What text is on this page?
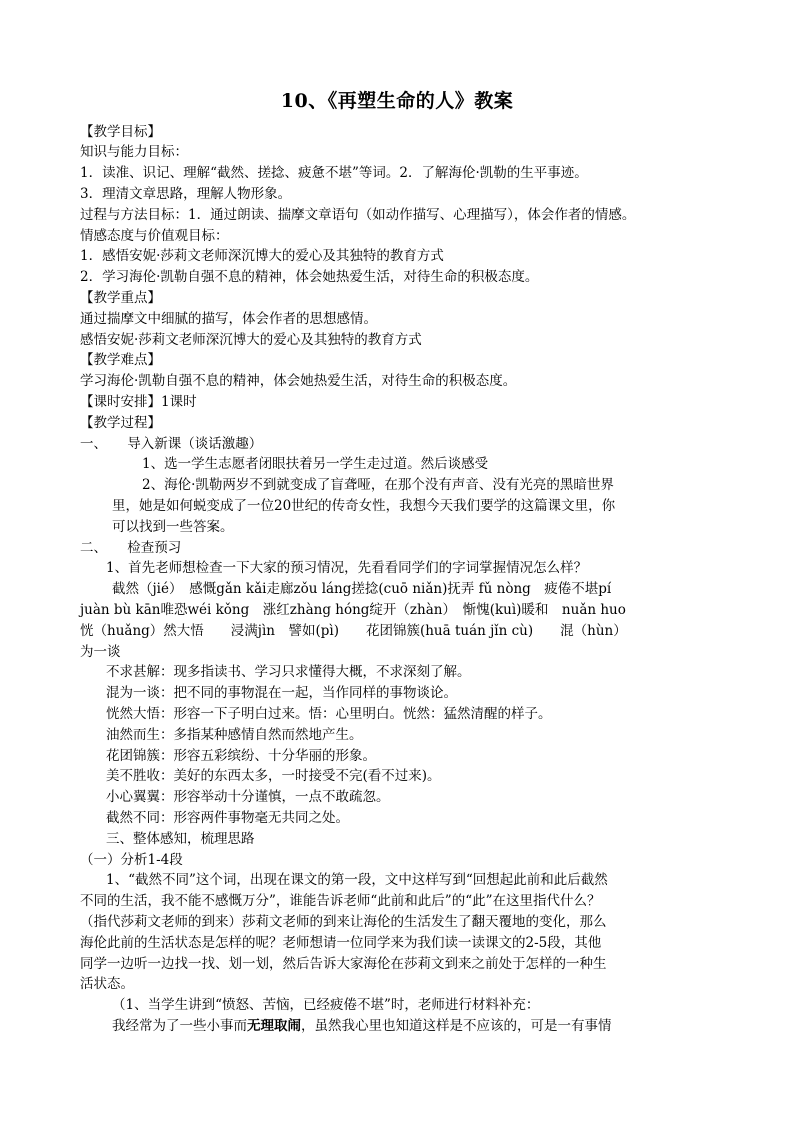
10、《再塑生命的人》教案
【教学目标】
知识与能力目标：
1．读准、识记、理解“截然、搓捻、疲惫不堪”等词。2．了解海伦·凯勒的生平事迹。
3．理清文章思路，理解人物形象。
过程与方法目标：1．通过朗读、揣摩文章语句（如动作描写、心理描写），体会作者的情感。
情感态度与价值观目标：
1．感悟安妮·莎莉文老师深沉博大的爱心及其独特的教育方式
2．学习海伦·凯勒自强不息的精神，体会她热爱生活，对待生命的积极态度。
【教学重点】
通过揣摩文中细腻的描写，体会作者的思想感情。
感悟安妮·莎莉文老师深沉博大的爱心及其独特的教育方式
【教学难点】
学习海伦·凯勒自强不息的精神，体会她热爱生活，对待生命的积极态度。
【课时安排】1课时
【教学过程】
一、　　导入新课（谈话激趣）
1、选一学生志愿者闭眼扶着另一学生走过道。然后谈感受
2、海伦·凯勒两岁不到就变成了盲聋哑，在那个没有声音、没有光亮的黑暗世界
里，她是如何蜕变成了一位20世纪的传奇女性，我想今天我们要学的这篇课文里，你
可以找到一些答案。
二、　　检查预习
1、首先老师想检查一下大家的预习情况，先看看同学们的字词掌握情况怎么样？
截然（jié）　感慨gǎn kǎi走廊zǒu láng搓捻(cuō niǎn)抚弄 fǔ nòng　疲倦不堪pí
juàn bù kān唯恐wéi kǒng　涨红zhàng hóng绽开（zhàn）　惭愧(kuì)暖和　nuǎn huo
恍（huǎng）然大悟　　浸满jìn　譬如(pì)　　花团锦簇(huā tuán jǐn cù)　　混（hùn）
为一谈
不求甚解：现多指读书、学习只求懂得大概，不求深刻了解。
混为一谈：把不同的事物混在一起，当作同样的事物谈论。
恍然大悟：形容一下子明白过来。悟：心里明白。恍然：猛然清醒的样子。
油然而生：多指某种感情自然而然地产生。
花团锦簇：形容五彩缤纷、十分华丽的形象。
美不胜收：美好的东西太多，一时接受不完(看不过来)。
小心翼翼：形容举动十分谨慎，一点不敢疏忽。
截然不同：形容两件事物毫无共同之处。
三、整体感知，梳理思路
（一）分析1-4段
1、“截然不同”这个词，出现在课文的第一段，文中这样写到“回想起此前和此后截然
不同的生活，我不能不感慨万分”，谁能告诉老师“此前和此后”的“此”在这里指代什么？
（指代莎莉文老师的到来）莎莉文老师的到来让海伦的生活发生了翻天覆地的变化，那么
海伦此前的生活状态是怎样的呢？老师想请一位同学来为我们读一读课文的2-5段，其他
同学一边听一边找一找、划一划，然后告诉大家海伦在莎莉文到来之前处于怎样的一种生
活状态。
（1、当学生讲到“愤怒、苦恼，已经疲倦不堪”时，老师进行材料补充：
我经常为了一些小事而无理取闹，虽然我心里也知道这样是不应该的，可是一有事情
